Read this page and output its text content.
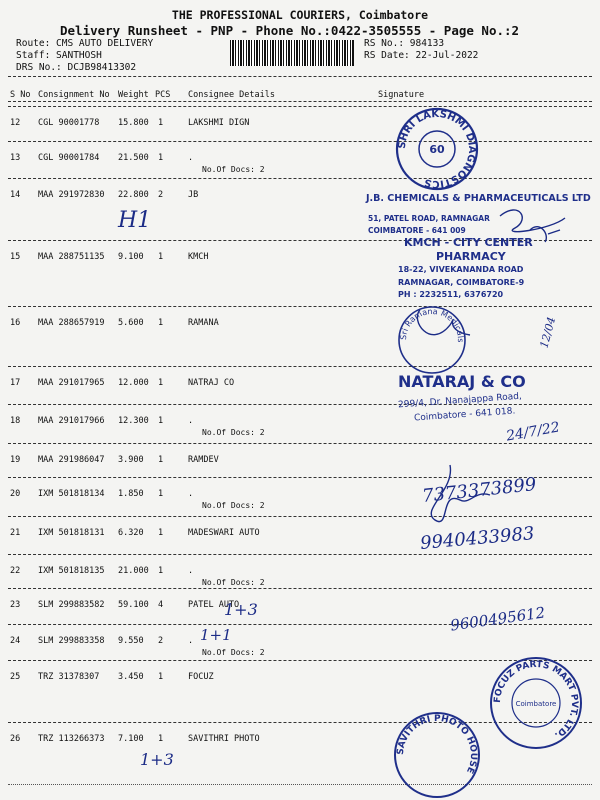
THE PROFESSIONAL COURIERS, Coimbatore
Delivery Runsheet - PNP - Phone No.:0422-3505555 - Page No.:2
Route: CMS AUTO DELIVERY
Staff: SANTHOSH
DRS No.: DCJB98413302
RS No.: 984133
RS Date: 22-Jul-2022
S No Consignment No Weight PCS Consignee Details	Signature
12 CGL 90001778 15.800 1	LAKSHMI DIGN
13 CGL 90001784 21.500 1	.
No.Of Docs: 2
14 MAA 291972830 22.800 2	JB
15 MAA 288751135 9.100 1	KMCH
16 MAA 288657919 5.600 1	RAMANA
17 MAA 291017965 12.000 1	NATRAJ CO
18 MAA 291017966 12.300 1	.
No.Of Docs: 2
19 MAA 291986047 3.900 1	RAMDEV
20 IXM 501818134 1.850 1	.
No.Of Docs: 2
21 IXM 501818131 6.320 1	MADESWARI AUTO
22 IXM 501818135 21.000 1	.
No.Of Docs: 2
23 SLM 299883582 59.100 4	PATEL AUTO
24 SLM 299883358 9.550 2	.
No.Of Docs: 2
25 TRZ 31378307 3.450 1	FOCUZ
26 TRZ 113266373 7.100 1	SAVITHRI PHOTO
H1
1+3
1+1
1+3
7373373899
9940433983
9600495612
12/04
24/7/22
SHRI LAKSHMI DIAGNOSTICS
60
J.B. CHEMICALS & PHARMACEUTICALS LTD
51, PATEL ROAD, RAMNAGAR
COIMBATORE - 641 009
KMCH - CITY CENTER
PHARMACY
18-22, VIVEKANANDA ROAD
RAMNAGAR, COIMBATORE-9
PH : 2232511, 6376720
Sri Ramana Medicals
NATARAJ & CO
299/4, Dr. Nanajappa Road,
Coimbatore - 641 018.
FOCUZ PARTS MART PVT. LTD.
Coimbatore
SAVITHRI PHOTO HOUSE
